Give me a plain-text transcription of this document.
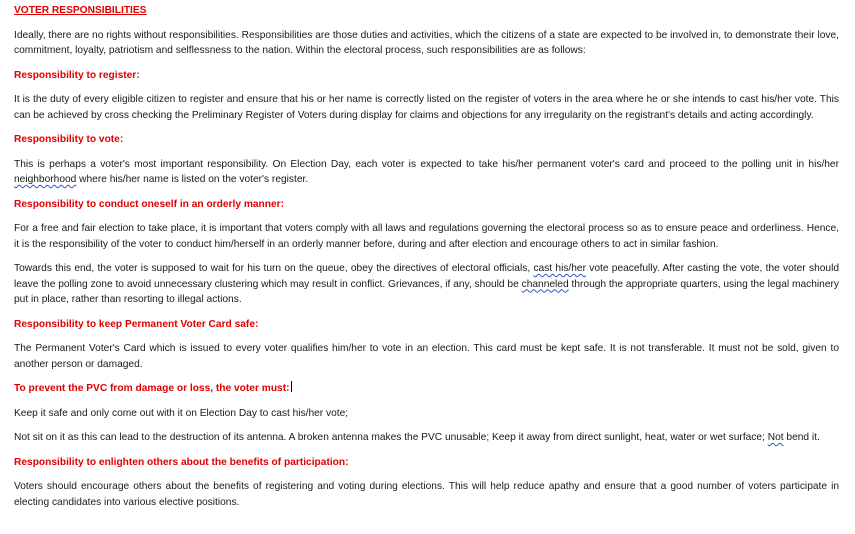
VOTER RESPONSIBILITIES

Ideally, there are no rights without responsibilities. Responsibilities are those duties and activities, which the citizens of a state are expected to be involved in, to demonstrate their love, commitment, loyalty, patriotism and selflessness to the nation. Within the electoral process, such responsibilities are as follows:

Responsibility to register:

It is the duty of every eligible citizen to register and ensure that his or her name is correctly listed on the register of voters in the area where he or she intends to cast his/her vote. This can be achieved by cross checking the Preliminary Register of Voters during display for claims and objections for any irregularity on the registrant's details and acting accordingly.

Responsibility to vote:

This is perhaps a voter's most important responsibility. On Election Day, each voter is expected to take his/her permanent voter's card and proceed to the polling unit in his/her neighborhood where his/her name is listed on the voter's register.

Responsibility to conduct oneself in an orderly manner:

For a free and fair election to take place, it is important that voters comply with all laws and regulations governing the electoral process so as to ensure peace and orderliness. Hence, it is the responsibility of the voter to conduct him/herself in an orderly manner before, during and after election and encourage others to act in similar fashion.

Towards this end, the voter is supposed to wait for his turn on the queue, obey the directives of electoral officials, cast his/her vote peacefully. After casting the vote, the voter should leave the polling zone to avoid unnecessary clustering which may result in conflict. Grievances, if any, should be channeled through the appropriate quarters, using the legal machinery put in place, rather than resorting to illegal actions.

Responsibility to keep Permanent Voter Card safe:

The Permanent Voter's Card which is issued to every voter qualifies him/her to vote in an election. This card must be kept safe. It is not transferable. It must not be sold, given to another person or damaged.

To prevent the PVC from damage or loss, the voter must:

Keep it safe and only come out with it on Election Day to cast his/her vote;

Not sit on it as this can lead to the destruction of its antenna. A broken antenna makes the PVC unusable; Keep it away from direct sunlight, heat, water or wet surface; Not bend it.

Responsibility to enlighten others about the benefits of participation:

Voters should encourage others about the benefits of registering and voting during elections. This will help reduce apathy and ensure that a good number of voters participate in electing candidates into various elective positions.
